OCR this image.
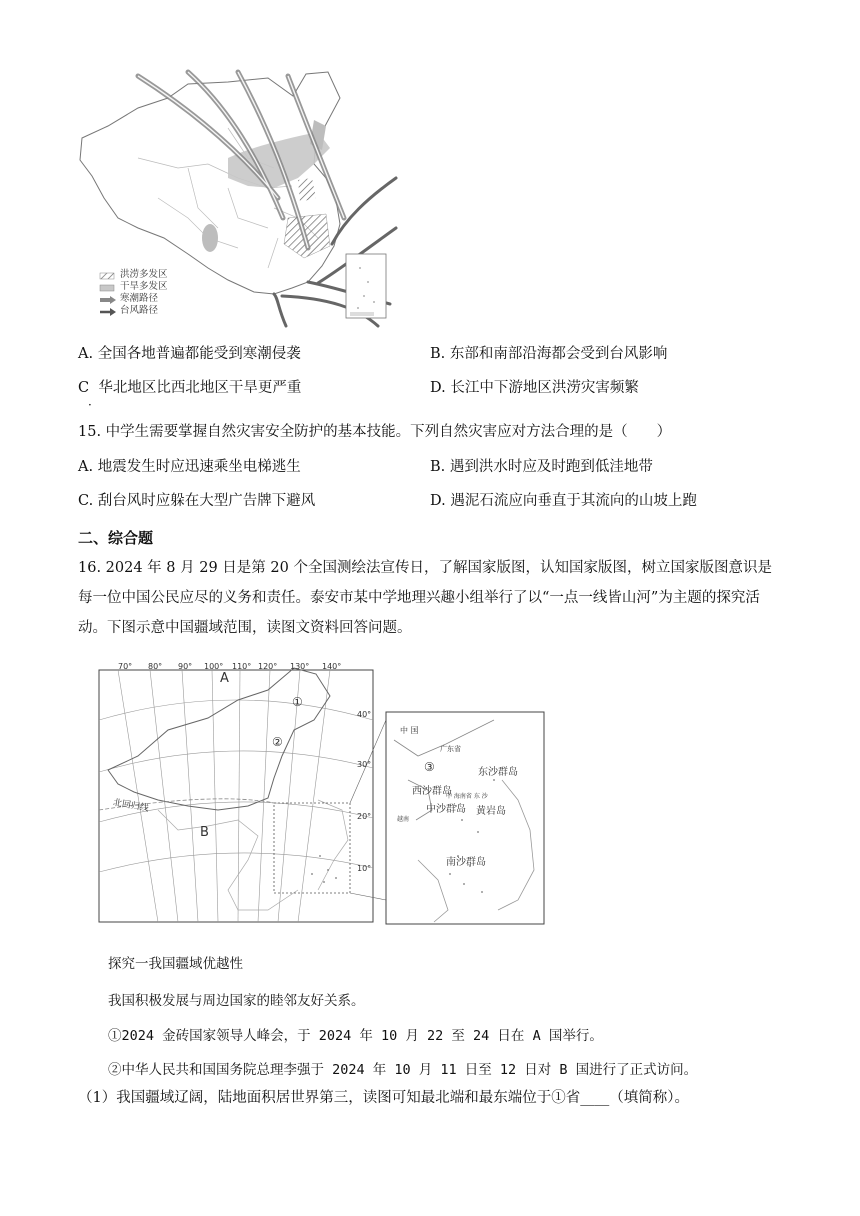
洪涝多发区
干旱多发区
寒潮路径
台风路径
A. 全国各地普遍都能受到寒潮侵袭	B. 东部和南部沿海都会受到台风影响
C 华北地区比西北地区干旱更严重
·
D. 长江中下游地区洪涝灾害频繁
15. 中学生需要掌握自然灾害安全防护的基本技能。下列自然灾害应对方法合理的是（　　）
A. 地震发生时应迅速乘坐电梯逃生	B. 遇到洪水时应及时跑到低洼地带
C. 刮台风时应躲在大型广告牌下避风	D. 遇泥石流应向垂直于其流向的山坡上跑
二、综合题
16. 2024 年 8 月 29 日是第 20 个全国测绘法宣传日，了解国家版图，认知国家版图，树立国家版图意识是每一位中国公民应尽的义务和责任。泰安市某中学地理兴趣小组举行了以“一点一线皆山河”为主题的探究活动。下图示意中国疆域范围，读图文资料回答问题。
70° 80° 90° 100° 110° 120° 130° 140°
40°
30°
20°
10°
A
B
①
②
北回归线
中 国
广东省
③	东沙群岛
西沙群岛
中 海南省 东 沙
中沙群岛 黄岩岛
越南
南沙群岛
探究一我国疆域优越性
我国积极发展与周边国家的睦邻友好关系。
①2024 金砖国家领导人峰会，于 2024 年 10 月 22 至 24 日在 A 国举行。
②中华人民共和国国务院总理李强于 2024 年 10 月 11 日至 12 日对 B 国进行了正式访问。
（1）我国疆域辽阔，陆地面积居世界第三，读图可知最北端和最东端位于①省____（填简称）。
